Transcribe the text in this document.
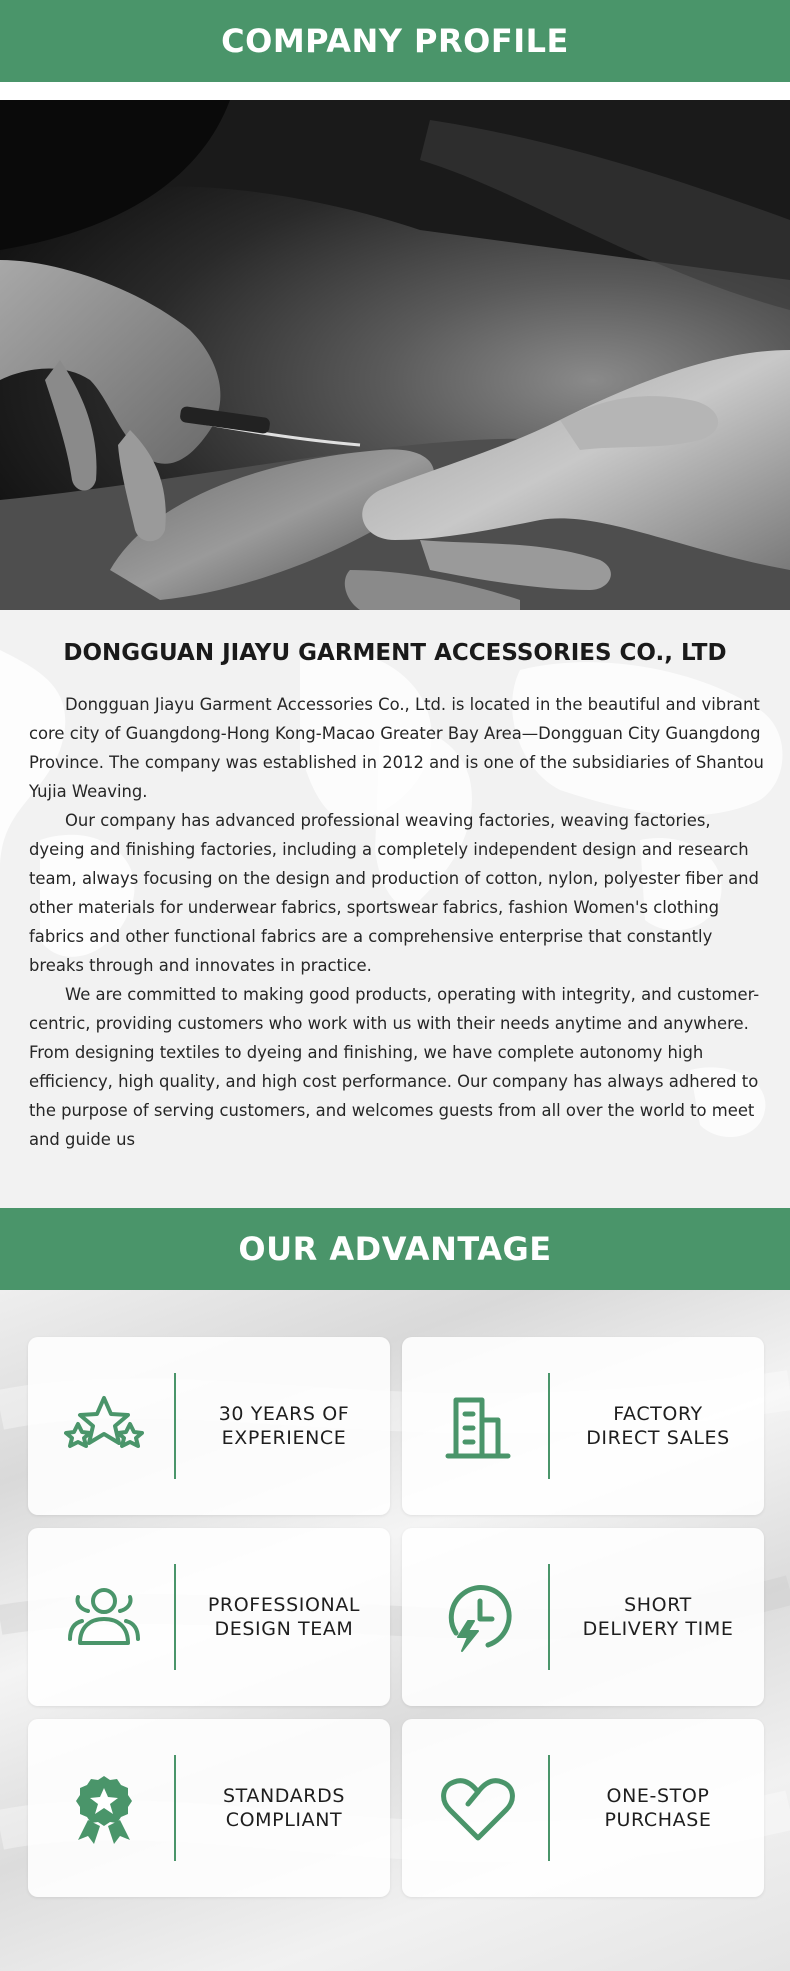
COMPANY PROFILE
DONGGUAN JIAYU GARMENT ACCESSORIES CO., LTD

Dongguan Jiayu Garment Accessories Co., Ltd. is located in the beautiful and vibrant core city of Guangdong-Hong Kong-Macao Greater Bay Area—Dongguan City Guangdong Province. The company was established in 2012 and is one of the subsidiaries of Shantou Yujia Weaving.

Our company has advanced professional weaving factories, weaving factories, dyeing and finishing factories, including a completely independent design and research team, always focusing on the design and production of cotton, nylon, polyester fiber and other materials for underwear fabrics, sportswear fabrics, fashion Women's clothing fabrics and other functional fabrics are a comprehensive enterprise that constantly breaks through and innovates in practice.

We are committed to making good products, operating with integrity, and customer-centric, providing customers who work with us with their needs anytime and anywhere. From designing textiles to dyeing and finishing, we have complete autonomy high efficiency, high quality, and high cost performance. Our company has always adhered to the purpose of serving customers, and welcomes guests from all over the world to meet and guide us

OUR ADVANTAGE
30 YEARS OF
EXPERIENCE
FACTORY
DIRECT SALES
PROFESSIONAL
DESIGN TEAM
SHORT
DELIVERY TIME
STANDARDS
COMPLIANT
ONE-STOP
PURCHASE
